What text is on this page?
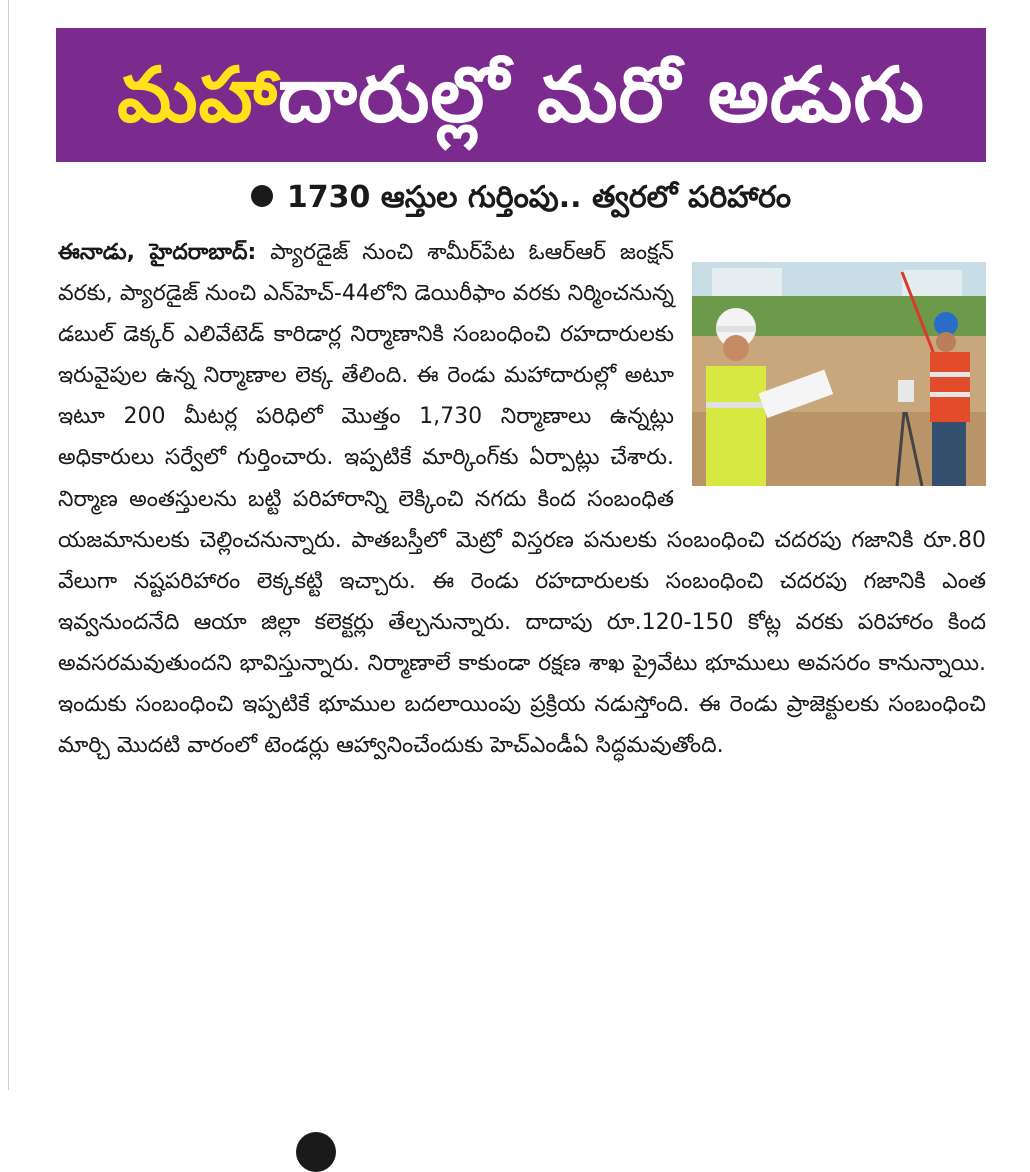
మహాదారుల్లో మరో అడుగు
1730 ఆస్తుల గుర్తింపు.. త్వరలో పరిహారం
ఈనాడు, హైదరాబాద్: ప్యారడైజ్ నుంచి శామీర్‌పేట ఓఆర్ఆర్ జంక్షన్ వరకు, ప్యారడైజ్ నుంచి ఎన్‌హెచ్‌-44లోని డెయిరీఫాం వరకు నిర్మించనున్న డబుల్ డెక్కర్ ఎలివేటెడ్ కారిడార్ల నిర్మాణానికి సంబంధించి రహదారులకు ఇరువైపుల ఉన్న నిర్మాణాల లెక్క తేలింది. ఈ రెండు మహాదారుల్లో అటూ ఇటూ 200 మీటర్ల పరిధిలో మొత్తం 1,730 నిర్మాణాలు ఉన్నట్లు అధికారులు సర్వేలో గుర్తించారు. ఇప్పటికే మార్కింగ్‌కు ఏర్పాట్లు చేశారు. నిర్మాణ అంతస్తులను బట్టి పరిహారాన్ని లెక్కించి నగదు కింద సంబంధిత యజమానులకు చెల్లించనున్నారు. పాతబస్తీలో మెట్రో విస్తరణ పనులకు సంబంధించి చదరపు గజానికి రూ.80 వేలుగా నష్టపరిహారం లెక్కకట్టి ఇచ్చారు. ఈ రెండు రహదారులకు సంబంధించి చదరపు గజానికి ఎంత ఇవ్వనుందనేది ఆయా జిల్లా కలెక్టర్లు తేల్చనున్నారు. దాదాపు రూ.120-150 కోట్ల వరకు పరిహారం కింద అవసరమవుతుందని భావిస్తున్నారు. నిర్మాణాలే కాకుండా రక్షణ శాఖ ప్రైవేటు భూములు అవసరం కానున్నాయి. ఇందుకు సంబంధించి ఇప్పటికే భూముల బదలాయింపు ప్రక్రియ నడుస్తోంది. ఈ రెండు ప్రాజెక్టులకు సంబంధించి మార్చి మొదటి వారంలో టెండర్లు ఆహ్వానించేందుకు హెచ్ఎండీఏ సిద్ధమవుతోంది.
